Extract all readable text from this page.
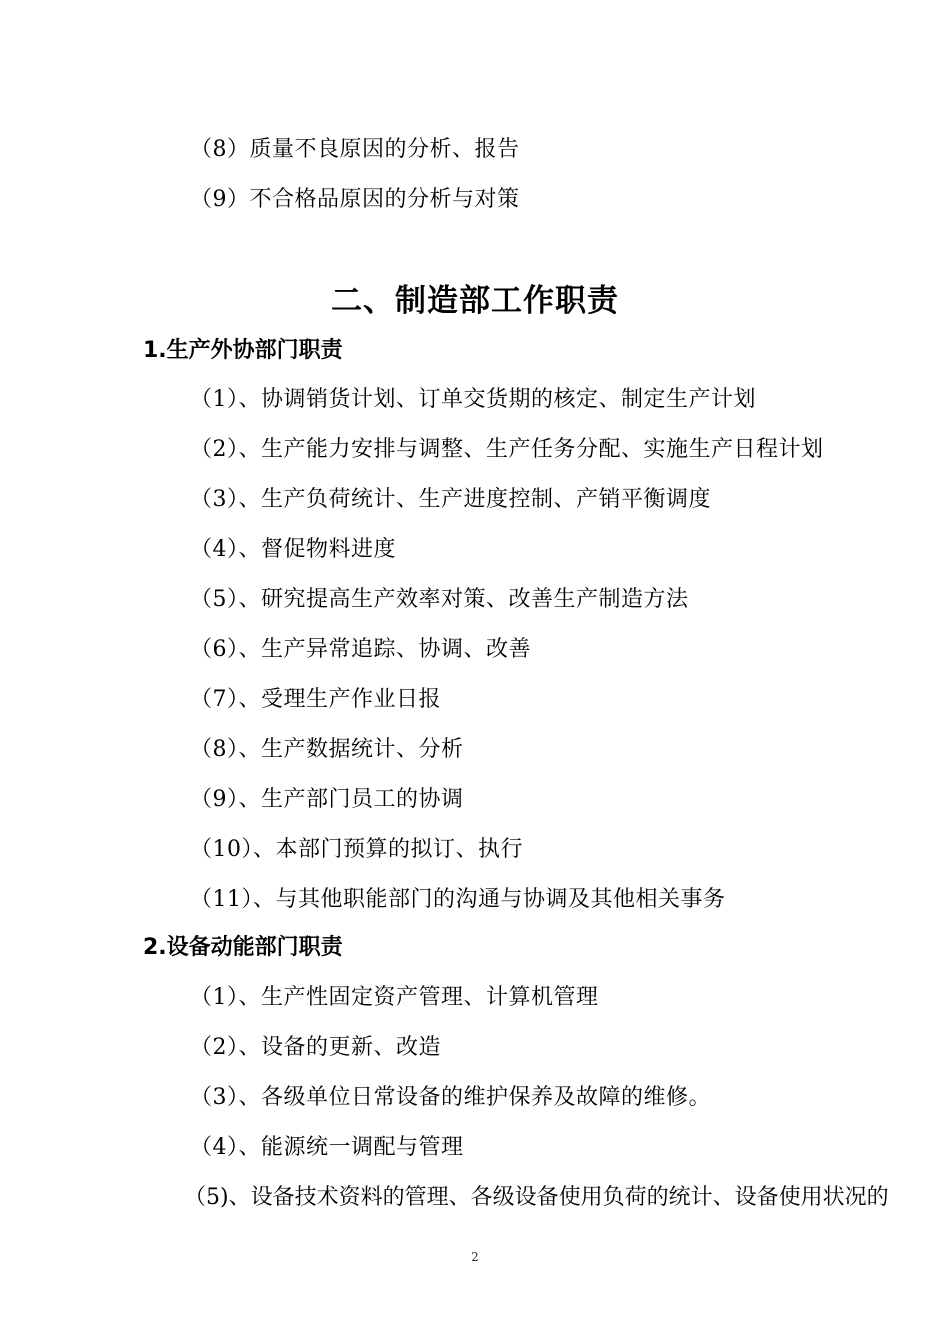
（8）质量不良原因的分析、报告
（9）不合格品原因的分析与对策
二、制造部工作职责
1.生产外协部门职责
（1）、协调销货计划、订单交货期的核定、制定生产计划
（2）、生产能力安排与调整、生产任务分配、实施生产日程计划
（3）、生产负荷统计、生产进度控制、产销平衡调度
（4）、督促物料进度
（5）、研究提高生产效率对策、改善生产制造方法
（6）、生产异常追踪、协调、改善
（7）、受理生产作业日报
（8）、生产数据统计、分析
（9）、生产部门员工的协调
（10）、本部门预算的拟订、执行
（11）、与其他职能部门的沟通与协调及其他相关事务
2.设备动能部门职责
（1）、生产性固定资产管理、计算机管理
（2）、设备的更新、改造
（3）、各级单位日常设备的维护保养及故障的维修。
（4）、能源统一调配与管理
（5)、设备技术资料的管理、各级设备使用负荷的统计、设备使用状况的
2
